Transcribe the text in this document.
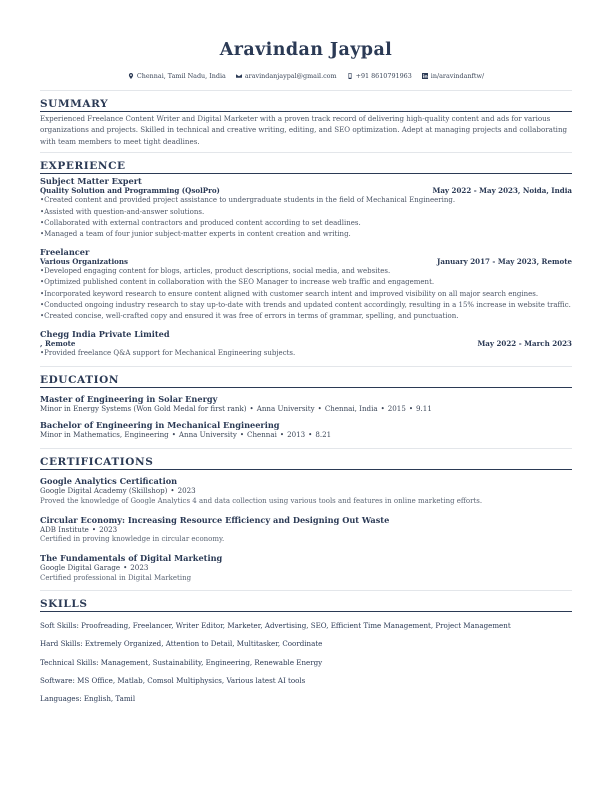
Aravindan Jaypal
Chennai, Tamil Nadu, India	aravindanjaypal@gmail.com	+91 8610791963	in/aravindanftw/
SUMMARY
Experienced Freelance Content Writer and Digital Marketer with a proven track record of delivering high-quality content and ads for various organizations and projects. Skilled in technical and creative writing, editing, and SEO optimization. Adept at managing projects and collaborating with team members to meet tight deadlines.
EXPERIENCE
Subject Matter Expert
Quality Solution and Programming (QsolPro)	May 2022 - May 2023, Noida, India
• Created content and provided project assistance to undergraduate students in the field of Mechanical Engineering.
• Assisted with question-and-answer solutions.
• Collaborated with external contractors and produced content according to set deadlines.
• Managed a team of four junior subject-matter experts in content creation and writing.
Freelancer
Various Organizations	January 2017 - May 2023, Remote
• Developed engaging content for blogs, articles, product descriptions, social media, and websites.
• Optimized published content in collaboration with the SEO Manager to increase web traffic and engagement.
• Incorporated keyword research to ensure content aligned with customer search intent and improved visibility on all major search engines.
• Conducted ongoing industry research to stay up-to-date with trends and updated content accordingly, resulting in a 15% increase in website traffic.
• Created concise, well-crafted copy and ensured it was free of errors in terms of grammar, spelling, and punctuation.
Chegg India Private Limited
, Remote	May 2022 - March 2023
• Provided freelance Q&A support for Mechanical Engineering subjects.
EDUCATION
Master of Engineering in Solar Energy
Minor in Energy Systems (Won Gold Medal for first rank) • Anna University • Chennai, India • 2015 • 9.11
Bachelor of Engineering in Mechanical Engineering
Minor in Mathematics, Engineering • Anna University • Chennai • 2013 • 8.21
CERTIFICATIONS
Google Analytics Certification
Google Digital Academy (Skillshop) • 2023
Proved the knowledge of Google Analytics 4 and data collection using various tools and features in online marketing efforts.
Circular Economy: Increasing Resource Efficiency and Designing Out Waste
ADB Institute • 2023
Certified in proving knowledge in circular economy.
The Fundamentals of Digital Marketing
Google Digital Garage • 2023
Certified professional in Digital Marketing
SKILLS
Soft Skills: Proofreading, Freelancer, Writer Editor, Marketer, Advertising, SEO, Efficient Time Management, Project Management
Hard Skills: Extremely Organized, Attention to Detail, Multitasker, Coordinate
Technical Skills: Management, Sustainability, Engineering, Renewable Energy
Software: MS Office, Matlab, Comsol Multiphysics, Various latest AI tools
Languages: English, Tamil
